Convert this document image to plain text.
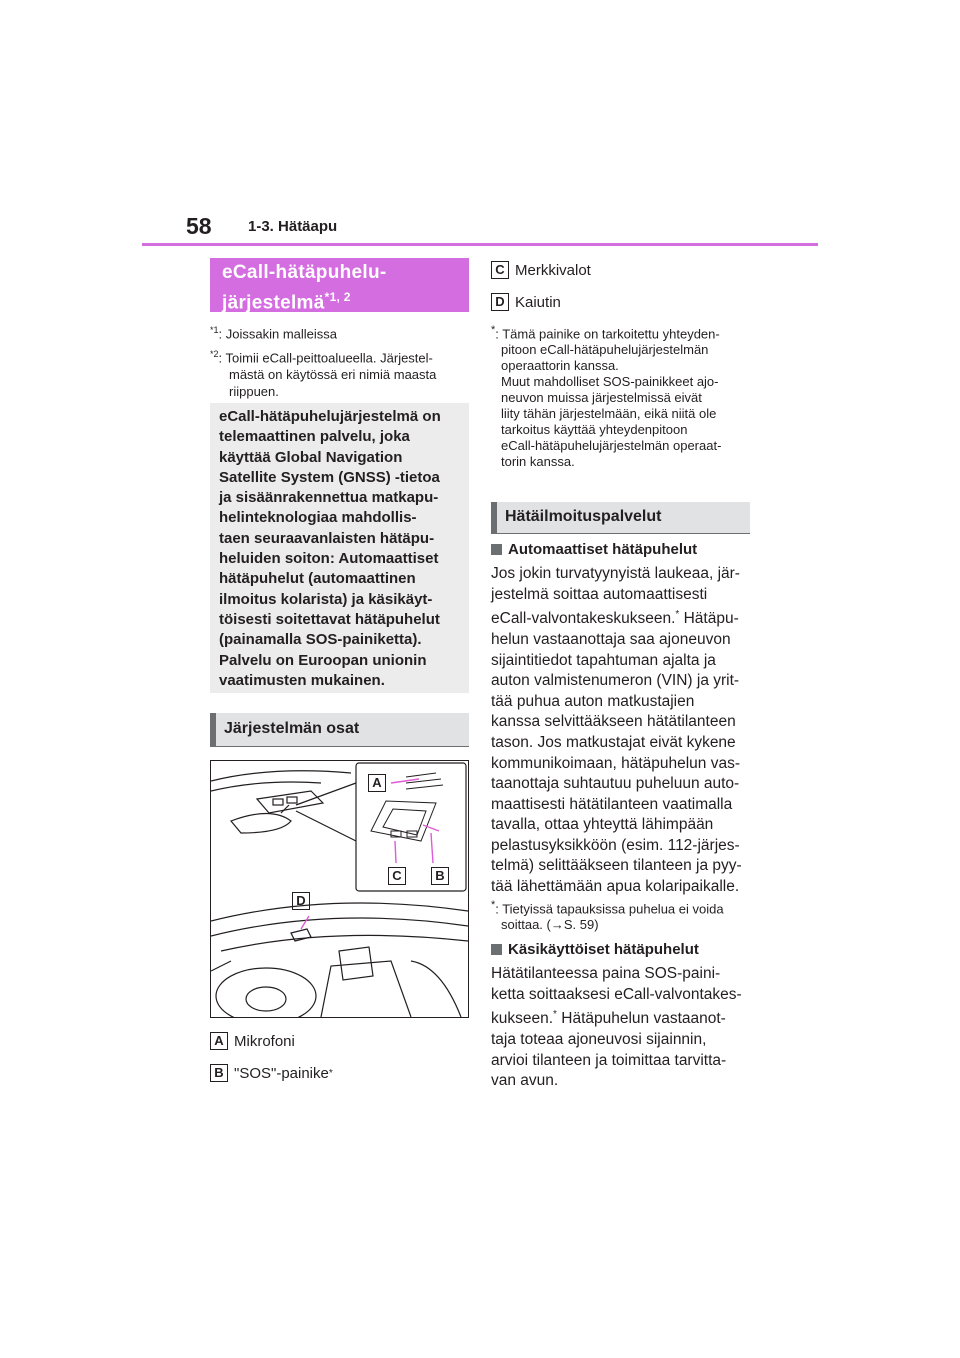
58 1-3. Hätäapu
eCall-hätäpuhelu-
järjestelmä$^{*1, 2}$
$^{*1}$: Joissakin malleissa
$^{*2}$: Toimii eCall-peittoalueella. Järjestel-
mästä on käytössä eri nimiä maasta
riippuen.
eCall-hätäpuhelujärjestelmä on
telemaattinen palvelu, joka
käyttää Global Navigation
Satellite System (GNSS) -tietoa
ja sisäänrakennettua matkapu-
helinteknologiaa mahdollis-
taen seuraavanlaisten hätäpu-
heluiden soiton: Automaattiset
hätäpuhelut (automaattinen
ilmoitus kolarista) ja käsikäyt-
töisesti soitettavat hätäpuhelut
(painamalla SOS-painiketta).
Palvelu on Euroopan unionin
vaatimusten mukainen.
Järjestelmän osat
A
B
C
D
A Mikrofoni
B "SOS"-painike *
C Merkkivalot
D Kaiutin
*: Tämä painike on tarkoitettu yhteyden-
pitoon eCall-hätäpuhelujärjestelmän
operaattorin kanssa.
Muut mahdolliset SOS-painikkeet ajo-
neuvon muissa järjestelmissä eivät
liity tähän järjestelmään, eikä niitä ole
tarkoitus käyttää yhteydenpitoon
eCall-hätäpuhelujärjestelmän operaat-
torin kanssa.
Hätäilmoituspalvelut
Automaattiset hätäpuhelut
Jos jokin turvatyynyistä laukeaa, jär-
jestelmä soittaa automaattisesti
eCall-valvontakeskukseen.* Hätäpu-
helun vastaanottaja saa ajoneuvon
sijaintitiedot tapahtuman ajalta ja
auton valmistenumeron (VIN) ja yrit-
tää puhua auton matkustajien
kanssa selvittääkseen hätätilanteen
tason. Jos matkustajat eivät kykene
kommunikoimaan, hätäpuhelun vas-
taanottaja suhtautuu puheluun auto-
maattisesti hätätilanteen vaatimalla
tavalla, ottaa yhteyttä lähimpään
pelastusyksikköön (esim. 112-järjes-
telmä) selittääkseen tilanteen ja pyy-
tää lähettämään apua kolaripaikalle.
*: Tietyissä tapauksissa puhelua ei voida
soittaa. (→S. 59)
Käsikäyttöiset hätäpuhelut
Hätätilanteessa paina SOS-paini-
ketta soittaaksesi eCall-valvontakes-
kukseen.* Hätäpuhelun vastaanot-
taja toteaa ajoneuvosi sijainnin,
arvioi tilanteen ja toimittaa tarvitta-
van avun.
